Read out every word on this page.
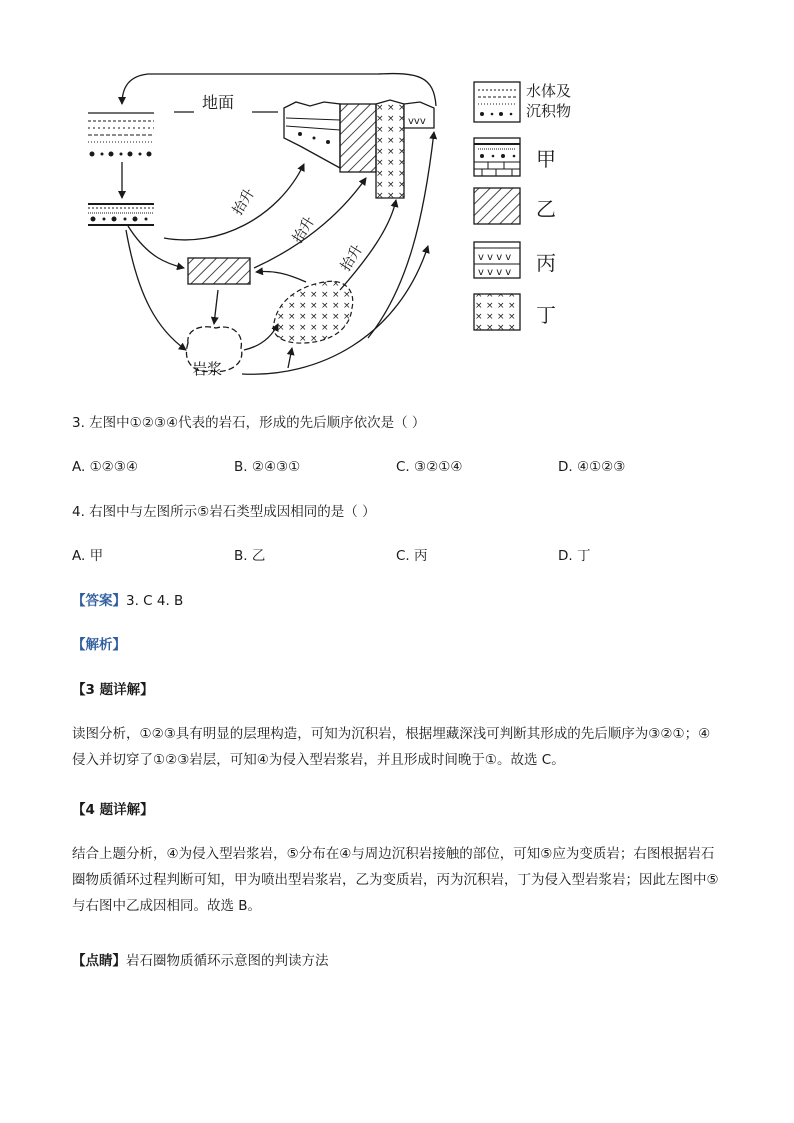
地面
岩浆
vvv
抬升
抬升
抬升
水体及
沉积物
甲
乙
v v v v
v v v v 丙
丁
3. 左图中①②③④代表的岩石，形成的先后顺序依次是（ ）
A. ①②③④	B. ②④③①	C. ③②①④	D. ④①②③
4. 右图中与左图所示⑤岩石类型成因相同的是（ ）
A. 甲	B. 乙	C. 丙	D. 丁
【答案】3. C 4. B
【解析】
【3 题详解】
读图分析，①②③具有明显的层理构造，可知为沉积岩，根据埋藏深浅可判断其形成的先后顺序为③②①；④侵入并切穿了①②③岩层，可知④为侵入型岩浆岩，并且形成时间晚于①。故选 C。
【4 题详解】
结合上题分析，④为侵入型岩浆岩，⑤分布在④与周边沉积岩接触的部位，可知⑤应为变质岩；右图根据岩石圈物质循环过程判断可知，甲为喷出型岩浆岩，乙为变质岩，丙为沉积岩，丁为侵入型岩浆岩；因此左图中⑤与右图中乙成因相同。故选 B。
【点睛】岩石圈物质循环示意图的判读方法
